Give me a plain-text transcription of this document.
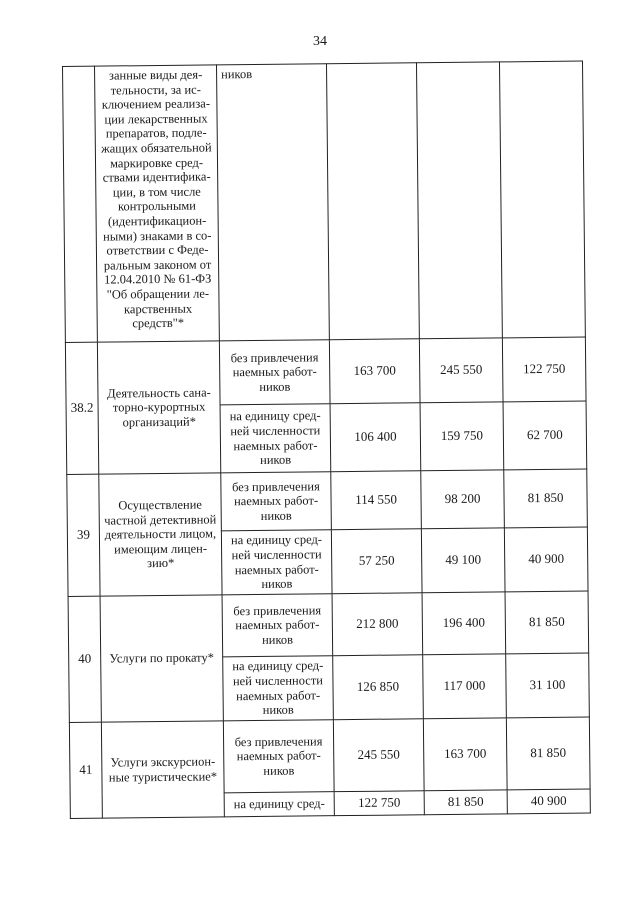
34
	занные виды дея-тельности, за ис-ключением реализа-ции лекарственных препаратов, подле-жащих обязательной маркировке сред-ствами идентифика-ции, в том числе контрольными (идентификацион-ными) знаками в со-ответствии с Феде-ральным законом от 12.04.2010 № 61-ФЗ "Об обращении ле-карственных средств"*	ников			
38.2	Деятельность сана-торно-курортных организаций*	без привлечения наемных работ-ников	163 700	245 550	122 750
		на единицу сред-ней численности наемных работ-ников	106 400	159 750	62 700
39	Осуществление частной детективной деятельности лицом, имеющим лицен-зию*	без привлечения наемных работ-ников	114 550	98 200	81 850
		на единицу сред-ней численности наемных работ-ников	57 250	49 100	40 900
40	Услуги по прокату*	без привлечения наемных работ-ников	212 800	196 400	81 850
		на единицу сред-ней численности наемных работ-ников	126 850	117 000	31 100
41	Услуги экскурсион-ные туристические*	без привлечения наемных работ-ников	245 550	163 700	81 850
		на единицу сред-	122 750	81 850	40 900
